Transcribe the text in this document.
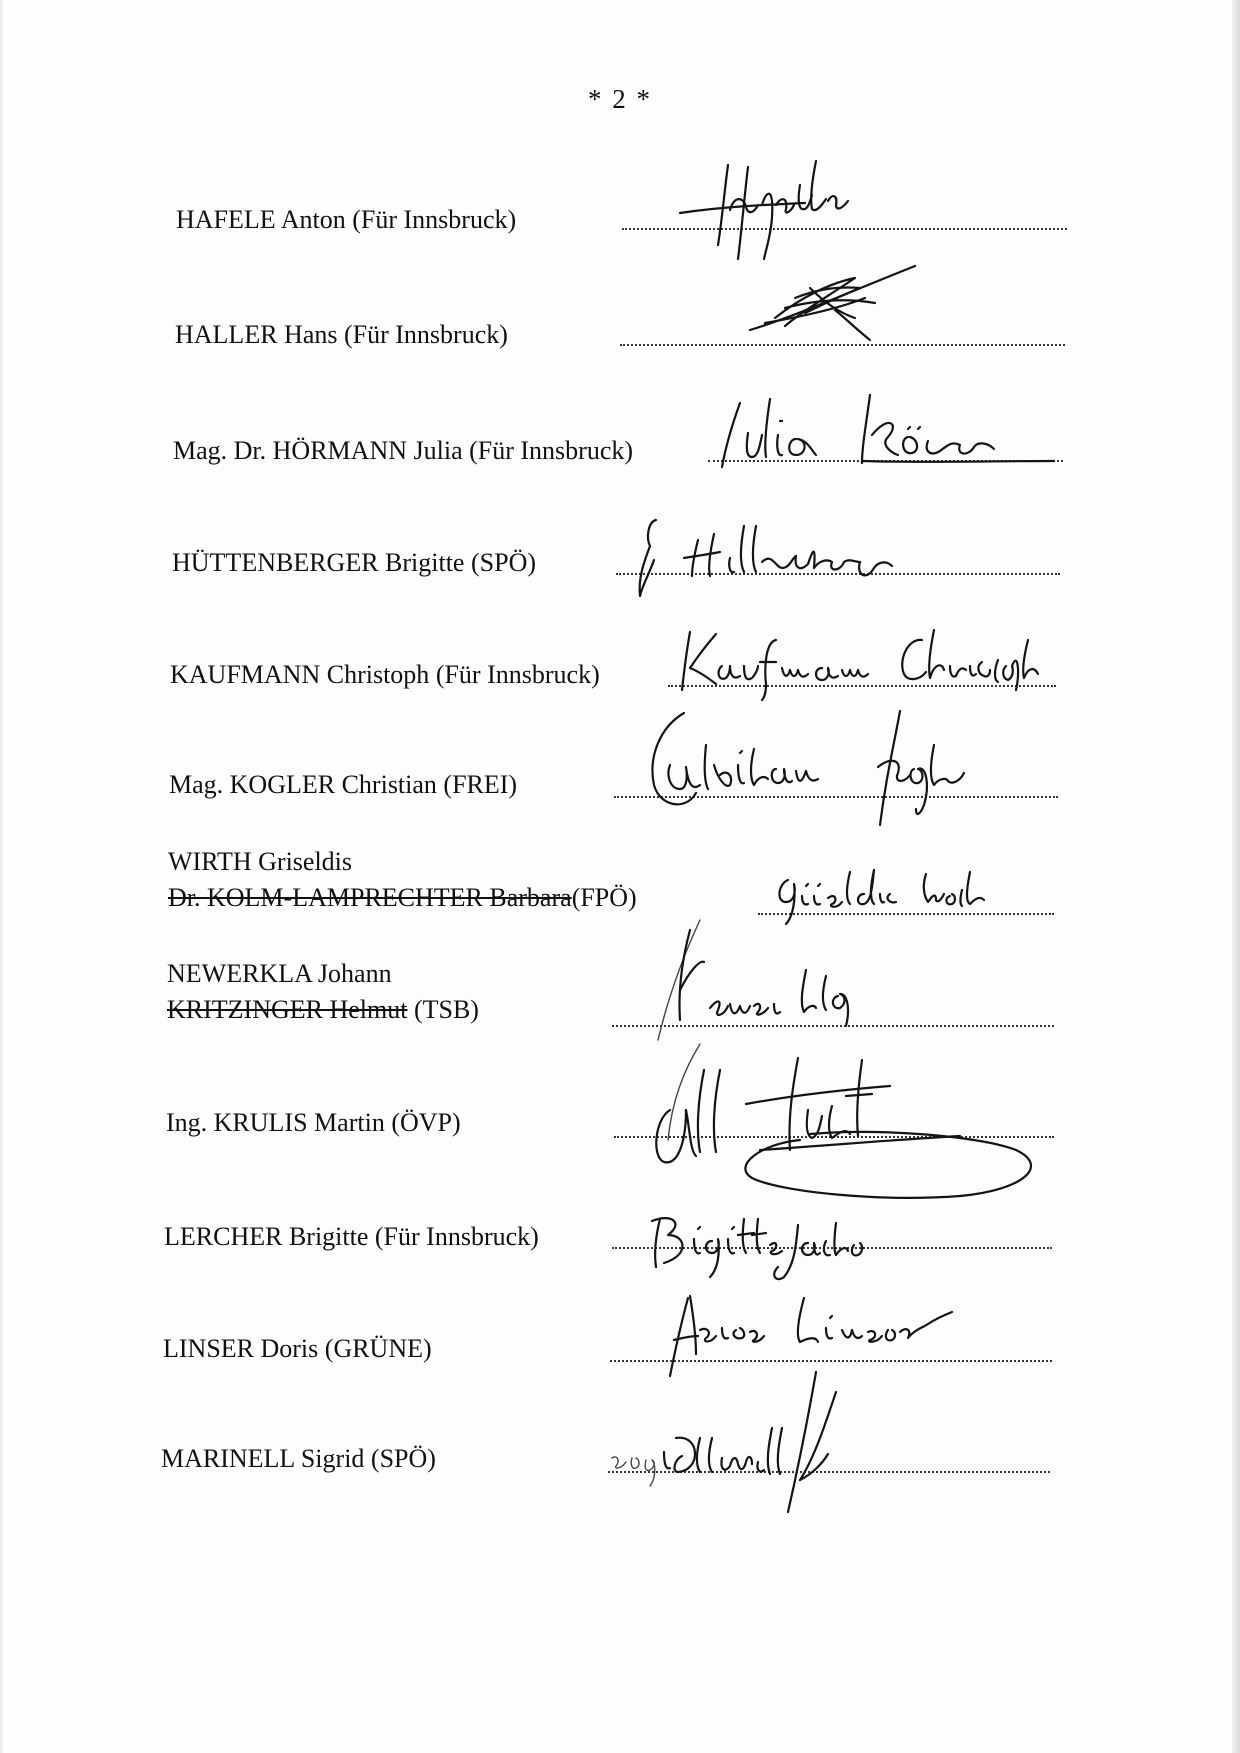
* 2 *
HAFELE Anton (Für Innsbruck)
HALLER Hans (Für Innsbruck)
Mag. Dr. HÖRMANN Julia (Für Innsbruck)
HÜTTENBERGER Brigitte (SPÖ)
KAUFMANN Christoph (Für Innsbruck)
Mag. KOGLER Christian (FREI)
WIRTH Griseldis
Dr. KOLM-LAMPRECHTER Barbara(FPÖ)
NEWERKLA Johann
KRITZINGER Helmut (TSB)
Ing. KRULIS Martin (ÖVP)
LERCHER Brigitte (Für Innsbruck)
LINSER Doris (GRÜNE)
MARINELL Sigrid (SPÖ)
